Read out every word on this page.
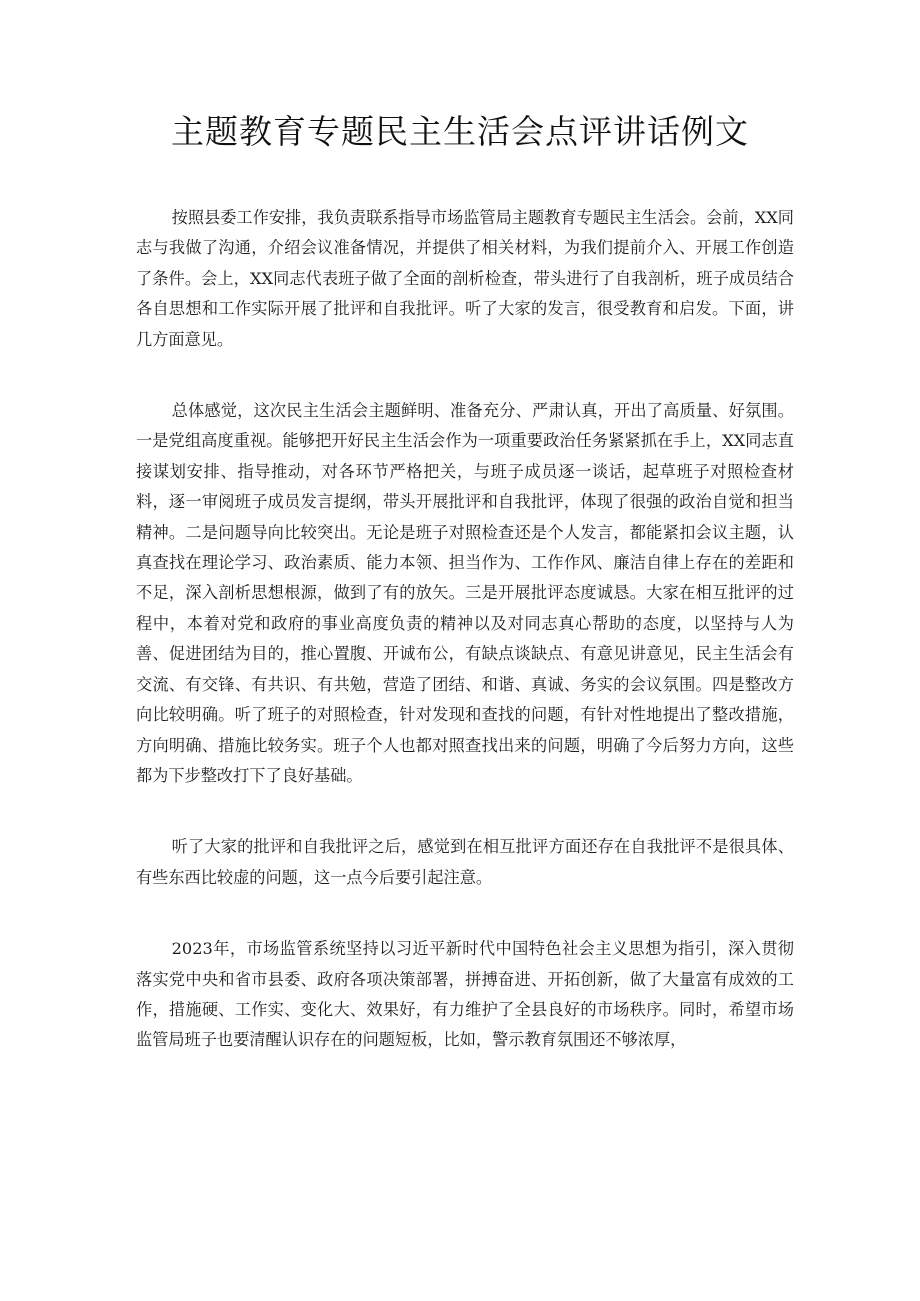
主题教育专题民主生活会点评讲话例文

按照县委工作安排，我负责联系指导市场监管局主题教育专题民主生活会。会前，XX同志与我做了沟通，介绍会议准备情况，并提供了相关材料，为我们提前介入、开展工作创造了条件。会上，XX同志代表班子做了全面的剖析检查，带头进行了自我剖析，班子成员结合各自思想和工作实际开展了批评和自我批评。听了大家的发言，很受教育和启发。下面，讲几方面意见。

总体感觉，这次民主生活会主题鲜明、准备充分、严肃认真，开出了高质量、好氛围。一是党组高度重视。能够把开好民主生活会作为一项重要政治任务紧紧抓在手上，XX同志直接谋划安排、指导推动，对各环节严格把关，与班子成员逐一谈话，起草班子对照检查材料，逐一审阅班子成员发言提纲，带头开展批评和自我批评，体现了很强的政治自觉和担当精神。二是问题导向比较突出。无论是班子对照检查还是个人发言，都能紧扣会议主题，认真查找在理论学习、政治素质、能力本领、担当作为、工作作风、廉洁自律上存在的差距和不足，深入剖析思想根源，做到了有的放矢。三是开展批评态度诚恳。大家在相互批评的过程中，本着对党和政府的事业高度负责的精神以及对同志真心帮助的态度，以坚持与人为善、促进团结为目的，推心置腹、开诚布公，有缺点谈缺点、有意见讲意见，民主生活会有交流、有交锋、有共识、有共勉，营造了团结、和谐、真诚、务实的会议氛围。四是整改方向比较明确。听了班子的对照检查，针对发现和查找的问题，有针对性地提出了整改措施，方向明确、措施比较务实。班子个人也都对照查找出来的问题，明确了今后努力方向，这些都为下步整改打下了良好基础。

听了大家的批评和自我批评之后，感觉到在相互批评方面还存在自我批评不是很具体、有些东西比较虚的问题，这一点今后要引起注意。

2023年，市场监管系统坚持以习近平新时代中国特色社会主义思想为指引，深入贯彻落实党中央和省市县委、政府各项决策部署，拼搏奋进、开拓创新，做了大量富有成效的工作，措施硬、工作实、变化大、效果好，有力维护了全县良好的市场秩序。同时，希望市场监管局班子也要清醒认识存在的问题短板，比如，警示教育氛围还不够浓厚，
